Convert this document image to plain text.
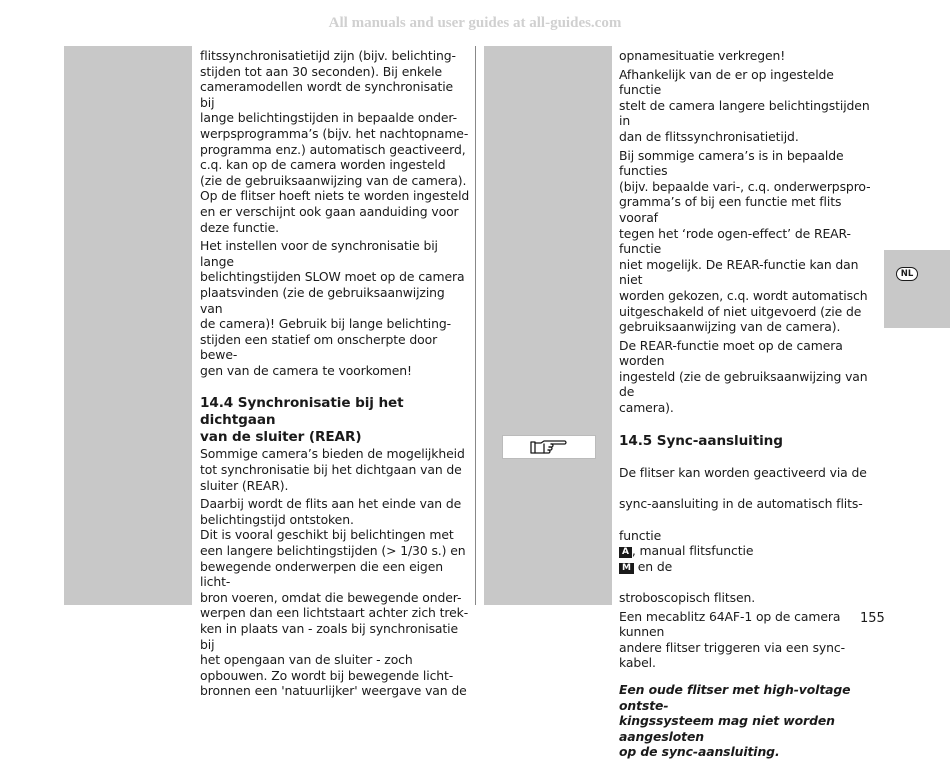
All manuals and user guides at all-guides.com

flitssynchronisatietijd zijn (bijv. belichting-
stijden tot aan 30 seconden). Bij enkele
cameramodellen wordt de synchronisatie bij
lange belichtingstijden in bepaalde onder-
werpsprogramma’s (bijv. het nachtopname-
programma enz.) automatisch geactiveerd,
c.q. kan op de camera worden ingesteld
(zie de gebruiksaanwijzing van de camera).
Op de flitser hoeft niets te worden ingesteld
en er verschijnt ook gaan aanduiding voor
deze functie.

Het instellen voor de synchronisatie bij lange
belichtingstijden SLOW moet op de camera
plaatsvinden (zie de gebruiksaanwijzing van
de camera)! Gebruik bij lange belichting-
stijden een statief om onscherpte door bewe-
gen van de camera te voorkomen!

14.4 Synchronisatie bij het dichtgaan
van de sluiter (REAR)

Sommige camera’s bieden de mogelijkheid
tot synchronisatie bij het dichtgaan van de
sluiter (REAR).

Daarbij wordt de flits aan het einde van de
belichtingstijd ontstoken.

Dit is vooral geschikt bij belichtingen met
een langere belichtingstijden (> 1/30 s.) en
bewegende onderwerpen die een eigen licht-
bron voeren, omdat die bewegende onder-
werpen dan een lichtstaart achter zich trek-
ken in plaats van - zoals bij synchronisatie bij
het opengaan van de sluiter - zoch
opbouwen. Zo wordt bij bewegende licht-
bronnen een 'natuurlijker' weergave van de

opnamesituatie verkregen!

Afhankelijk van de er op ingestelde functie
stelt de camera langere belichtingstijden in
dan de flitssynchronisatietijd.

Bij sommige camera’s is in bepaalde functies
(bijv. bepaalde vari-, c.q. onderwerpspro-
gramma’s of bij een functie met flits vooraf
tegen het ‘rode ogen-effect’ de REAR-functie
niet mogelijk. De REAR-functie kan dan niet
worden gekozen, c.q. wordt automatisch
uitgeschakeld of niet uitgevoerd (zie de
gebruiksaanwijzing van de camera).

De REAR-functie moet op de camera worden
ingesteld (zie de gebruiksaanwijzing van de
camera).

14.5 Sync-aansluiting

De flitser kan worden geactiveerd via de

sync-aansluiting in de automatisch flits-

functie
A , manual flitsfunctie
M en de

stroboscopisch flitsen.

Een mecablitz 64AF-1 op de camera kunnen
andere flitser triggeren via een sync-kabel.

Een oude flitser met high-voltage ontste-
kingssysteem mag niet worden aangesloten
op de sync-aansluiting.

NL
155
